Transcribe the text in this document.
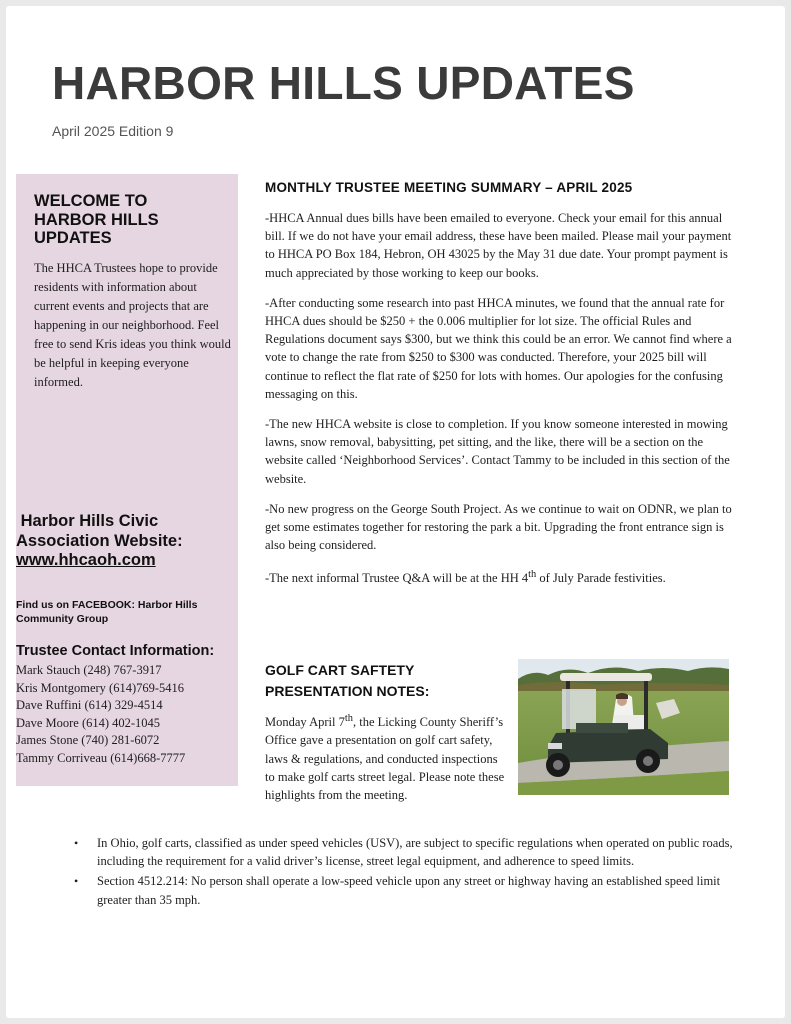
HARBOR HILLS UPDATES
April 2025 Edition 9
WELCOME TO HARBOR HILLS UPDATES

The HHCA Trustees hope to provide residents with information about current events and projects that are happening in our neighborhood. Feel free to send Kris ideas you think would be helpful in keeping everyone informed.

Harbor Hills Civic Association Website:
www.hhcaoh.com

Find us on FACEBOOK: Harbor Hills Community Group

Trustee Contact Information:
Mark Stauch (248) 767-3917
Kris Montgomery (614)769-5416
Dave Ruffini (614) 329-4514
Dave Moore (614) 402-1045
James Stone (740) 281-6072
Tammy Corriveau (614)668-7777
MONTHLY TRUSTEE MEETING SUMMARY – APRIL 2025

-HHCA Annual dues bills have been emailed to everyone. Check your email for this annual bill. If we do not have your email address, these have been mailed. Please mail your payment to HHCA PO Box 184, Hebron, OH 43025 by the May 31 due date. Your prompt payment is much appreciated by those working to keep our books.

-After conducting some research into past HHCA minutes, we found that the annual rate for HHCA dues should be $250 + the 0.006 multiplier for lot size. The official Rules and Regulations document says $300, but we think this could be an error. We cannot find where a vote to change the rate from $250 to $300 was conducted. Therefore, your 2025 bill will continue to reflect the flat rate of $250 for lots with homes. Our apologies for the confusing messaging on this.

-The new HHCA website is close to completion. If you know someone interested in mowing lawns, snow removal, babysitting, pet sitting, and the like, there will be a section on the website called ‘Neighborhood Services’. Contact Tammy to be included in this section of the website.

-No new progress on the George South Project. As we continue to wait on ODNR, we plan to get some estimates together for restoring the park a bit. Upgrading the front entrance sign is also being considered.

-The next informal Trustee Q&A will be at the HH 4th of July Parade festivities.

GOLF CART SAFTETY PRESENTATION NOTES:

Monday April 7th, the Licking County Sheriff’s Office gave a presentation on golf cart safety, laws & regulations, and conducted inspections to make golf carts street legal. Please note these highlights from the meeting.

• In Ohio, golf carts, classified as under speed vehicles (USV), are subject to specific regulations when operated on public roads, including the requirement for a valid driver’s license, street legal equipment, and adherence to speed limits.
• Section 4512.214: No person shall operate a low-speed vehicle upon any street or highway having an established speed limit greater than 35 mph.
